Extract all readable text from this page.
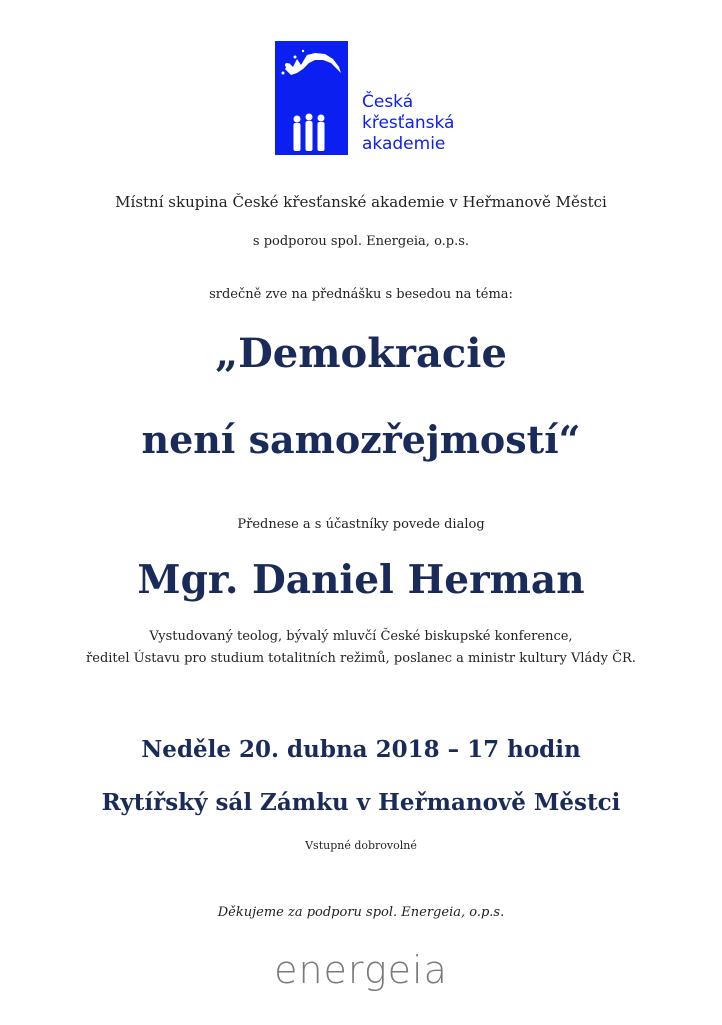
Česká
křesťanská
akademie
Místní skupina České křesťanské akademie v Heřmanově Městci
s podporou spol. Energeia, o.p.s.
srdečně zve na přednášku s besedou na téma:
„Demokracie
není samozřejmostí“
Přednese a s účastníky povede dialog
Mgr. Daniel Herman
Vystudovaný teolog, bývalý mluvčí České biskupské konference,
ředitel Ústavu pro studium totalitních režimů, poslanec a ministr kultury Vlády ČR.
Neděle 20. dubna 2018 – 17 hodin
Rytířský sál Zámku v Heřmanově Městci
Vstupné dobrovolné
Děkujeme za podporu spol. Energeia, o.p.s.
energeia
